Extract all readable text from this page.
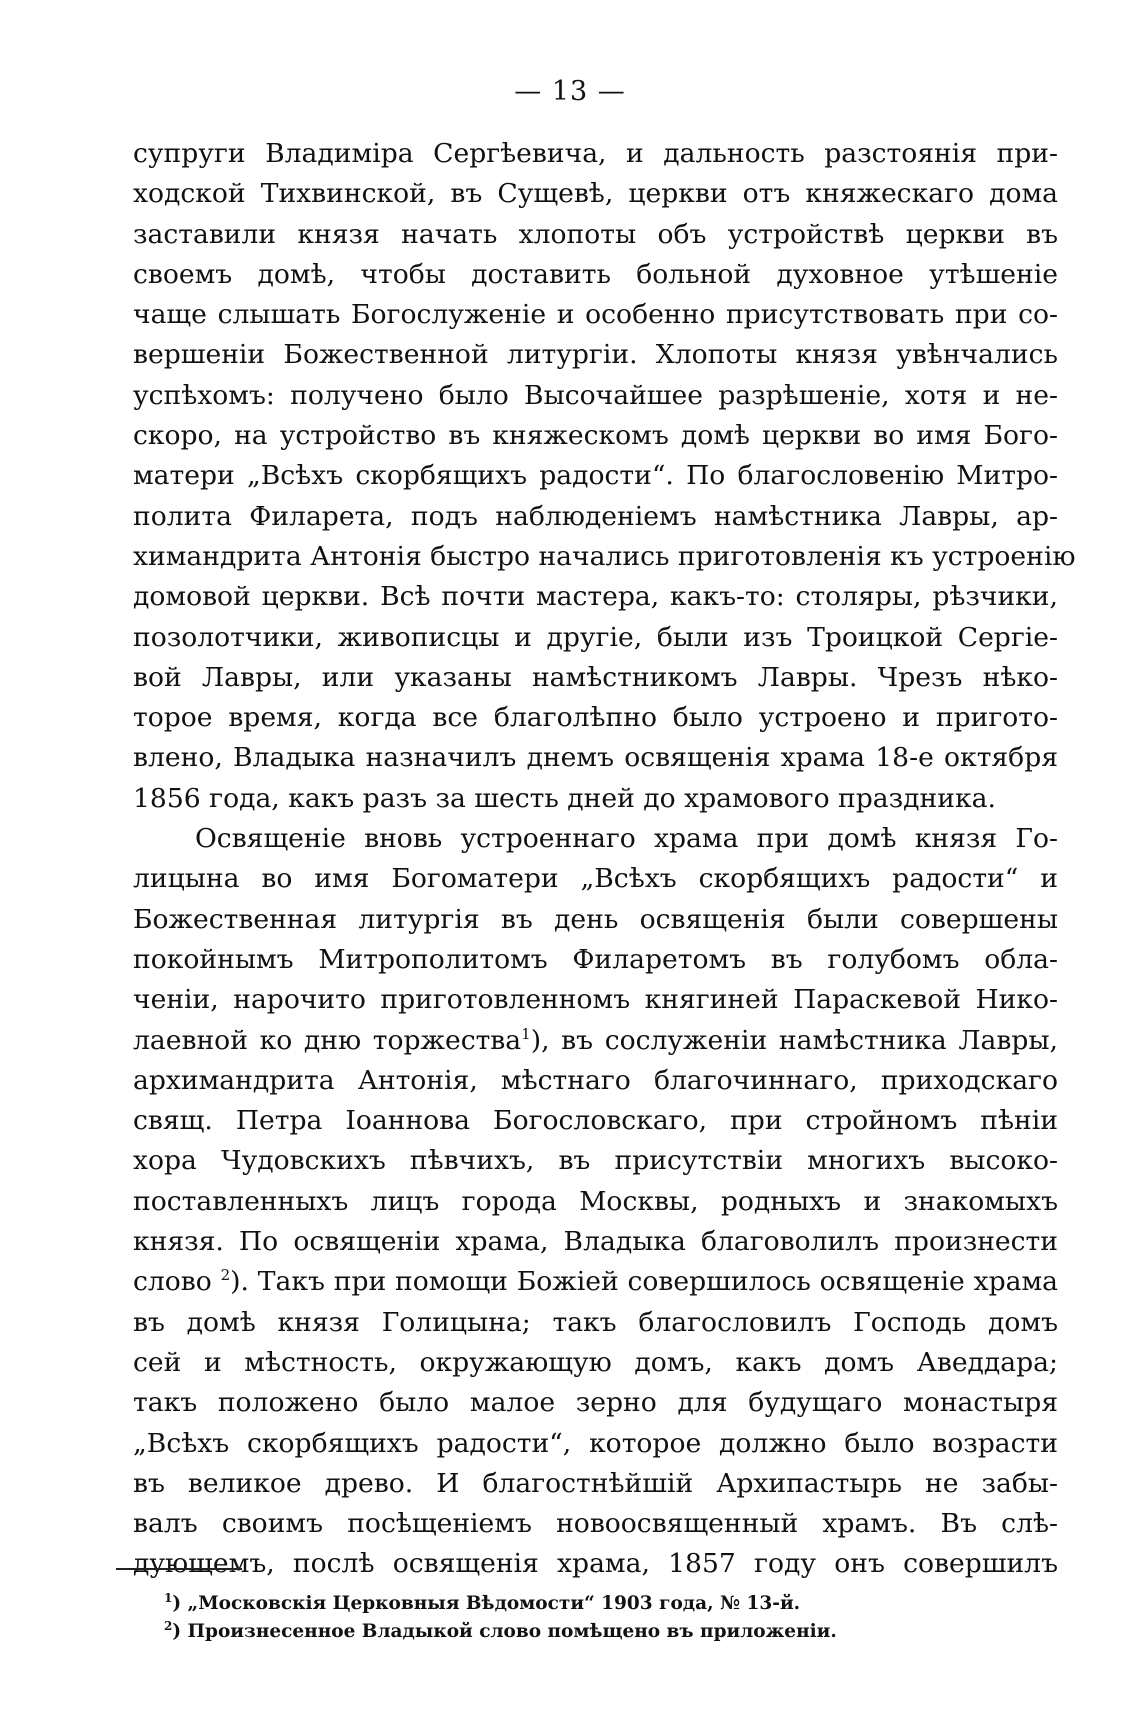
— 13 —
супруги Владиміра Сергѣевича, и дальность разстоянія при-
ходской Тихвинской, въ Сущевѣ, церкви отъ княжескаго дома
заставили князя начать хлопоты объ устройствѣ церкви въ
своемъ домѣ, чтобы доставить больной духовное утѣшеніе
чаще слышать Богослуженіе и особенно присутствовать при со-
вершеніи Божественной литургіи. Хлопоты князя увѣнчались
успѣхомъ: получено было Высочайшее разрѣшеніе, хотя и не-
скоро, на устройство въ княжескомъ домѣ церкви во имя Бого-
матери „Всѣхъ скорбящихъ радости“. По благословенію Митро-
полита Филарета, подъ наблюденіемъ намѣстника Лавры, ар-
химандрита Антонія быстро начались приготовленія къ устроенію
домовой церкви. Всѣ почти мастера, какъ-то: столяры, рѣзчики,
позолотчики, живописцы и другіе, были изъ Троицкой Сергіе-
вой Лавры, или указаны намѣстникомъ Лавры. Чрезъ нѣко-
торое время, когда все благолѣпно было устроено и пригото-
влено, Владыка назначилъ днемъ освященія храма 18-е октября
1856 года, какъ разъ за шесть дней до храмового праздника.
Освященіе вновь устроеннаго храма при домѣ князя Го-
лицына во имя Богоматери „Всѣхъ скорбящихъ радости“ и
Божественная литургія въ день освященія были совершены
покойнымъ Митрополитомъ Филаретомъ въ голубомъ обла-
ченіи, нарочито приготовленномъ княгиней Параскевой Нико-
лаевной ко дню торжества$^1$), въ сослуженіи намѣстника Лавры,
архимандрита Антонія, мѣстнаго благочиннаго, приходскаго
свящ. Петра Іоаннова Богословскаго, при стройномъ пѣніи
хора Чудовскихъ пѣвчихъ, въ присутствіи многихъ высоко-
поставленныхъ лицъ города Москвы, родныхъ и знакомыхъ
князя. По освященіи храма, Владыка благоволилъ произнести
слово $^2$). Такъ при помощи Божіей совершилось освященіе храма
въ домѣ князя Голицына; такъ благословилъ Господь домъ
сей и мѣстность, окружающую домъ, какъ домъ Аведдара;
такъ положено было малое зерно для будущаго монастыря
„Всѣхъ скорбящихъ радости“, которое должно было возрасти
въ великое древо. И благостнѣйшій Архипастырь не забы-
валъ своимъ посѣщеніемъ новоосвященный храмъ. Въ слѣ-
дующемъ, послѣ освященія храма, 1857 году онъ совершилъ
$^1$) „Московскія Церковныя Вѣдомости“ 1903 года, № 13-й.
$^2$) Произнесенное Владыкой слово помѣщено въ приложеніи.
